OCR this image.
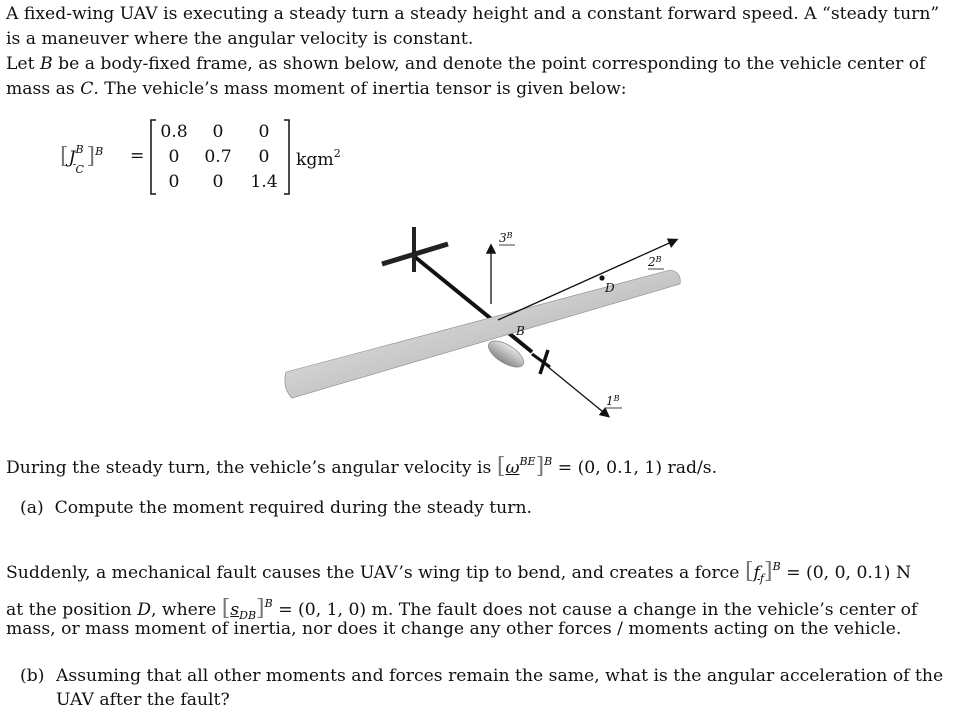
A fixed-wing UAV is executing a steady turn a steady height and a constant forward speed. A “steady turn”
is a maneuver where the angular velocity is constant.
Let B be a body-fixed frame, as shown below, and denote the point corresponding to the vehicle center of
mass as C. The vehicle’s mass moment of inertia tensor is given below:
[J B
C
]$^B$ =
0.8	0	0
0	0.7	0
0	0	1.4
kgm$^2$
$3^B$
$2^B$
$1^B$
B
D
During the steady turn, the vehicle’s angular velocity is $[\omega^{BE}]^B = (0$, 0.1, 1) rad/s.
(a) Compute the moment required during the steady turn.
Suddenly, a mechanical fault causes the UAV’s wing tip to bend, and creates a force $[f_f]^B = (0$, 0, 0.1) N
at the position D, where $[s_{DB}]^B = (0$, 1, 0) m. The fault does not cause a change in the vehicle’s center of
mass, or mass moment of inertia, nor does it change any other forces / moments acting on the vehicle.
(b) Assuming that all other moments and forces remain the same, what is the angular acceleration of the
UAV after the fault?
